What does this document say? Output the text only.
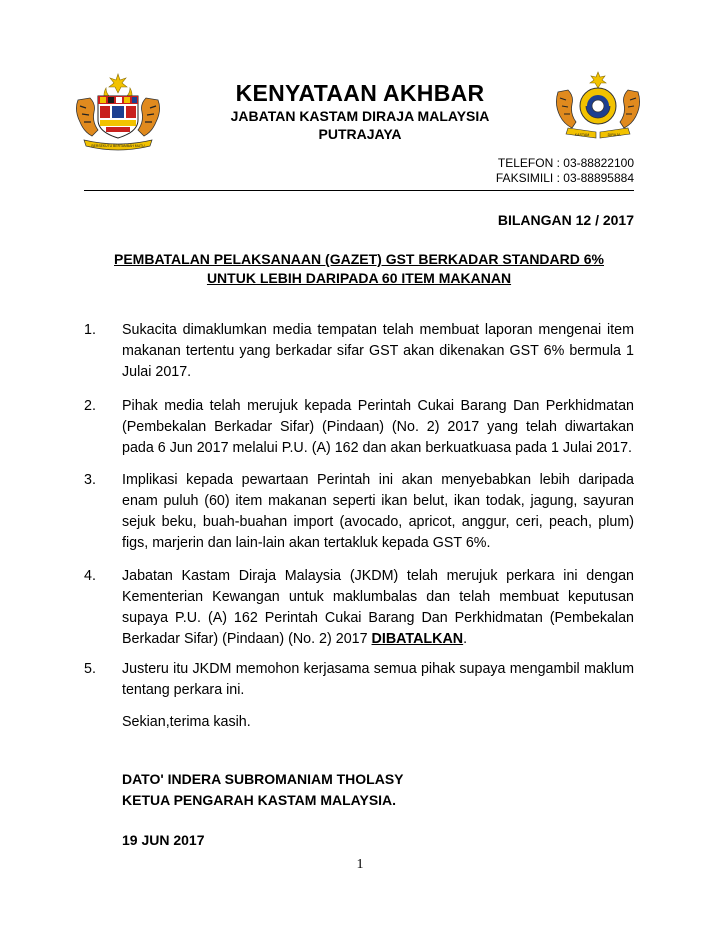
BERSEKUTU BERTAMBAH MUTU
KASTAM	DIRAJA
KENYATAAN AKHBAR
JABATAN KASTAM DIRAJA MALAYSIA
PUTRAJAYA
TELEFON : 03-88822100
FAKSIMILI : 03-88895884
BILANGAN 12 / 2017
PEMBATALAN PELAKSANAAN (GAZET) GST BERKADAR STANDARD 6%
UNTUK LEBIH DARIPADA 60 ITEM MAKANAN
1. Sukacita dimaklumkan media tempatan telah membuat laporan mengenai item makanan tertentu yang berkadar sifar GST akan dikenakan GST 6% bermula 1 Julai 2017.
2. Pihak media telah merujuk kepada Perintah Cukai Barang Dan Perkhidmatan (Pembekalan Berkadar Sifar) (Pindaan) (No. 2) 2017 yang telah diwartakan pada 6 Jun 2017 melalui P.U. (A) 162 dan akan berkuatkuasa pada 1 Julai 2017.
3. Implikasi kepada pewartaan Perintah ini akan menyebabkan lebih daripada enam puluh (60) item makanan seperti ikan belut, ikan todak, jagung, sayuran sejuk beku, buah-buahan import (avocado, apricot, anggur, ceri, peach, plum) figs, marjerin dan lain-lain akan tertakluk kepada GST 6%.
4. Jabatan Kastam Diraja Malaysia (JKDM) telah merujuk perkara ini dengan Kementerian Kewangan untuk maklumbalas dan telah membuat keputusan supaya P.U. (A) 162 Perintah Cukai Barang Dan Perkhidmatan (Pembekalan Berkadar Sifar) (Pindaan) (No. 2) 2017 DIBATALKAN.
5. Justeru itu JKDM memohon kerjasama semua pihak supaya mengambil maklum tentang perkara ini.
Sekian,terima kasih.
DATO' INDERA SUBROMANIAM THOLASY
KETUA PENGARAH KASTAM MALAYSIA.
19 JUN 2017
1
